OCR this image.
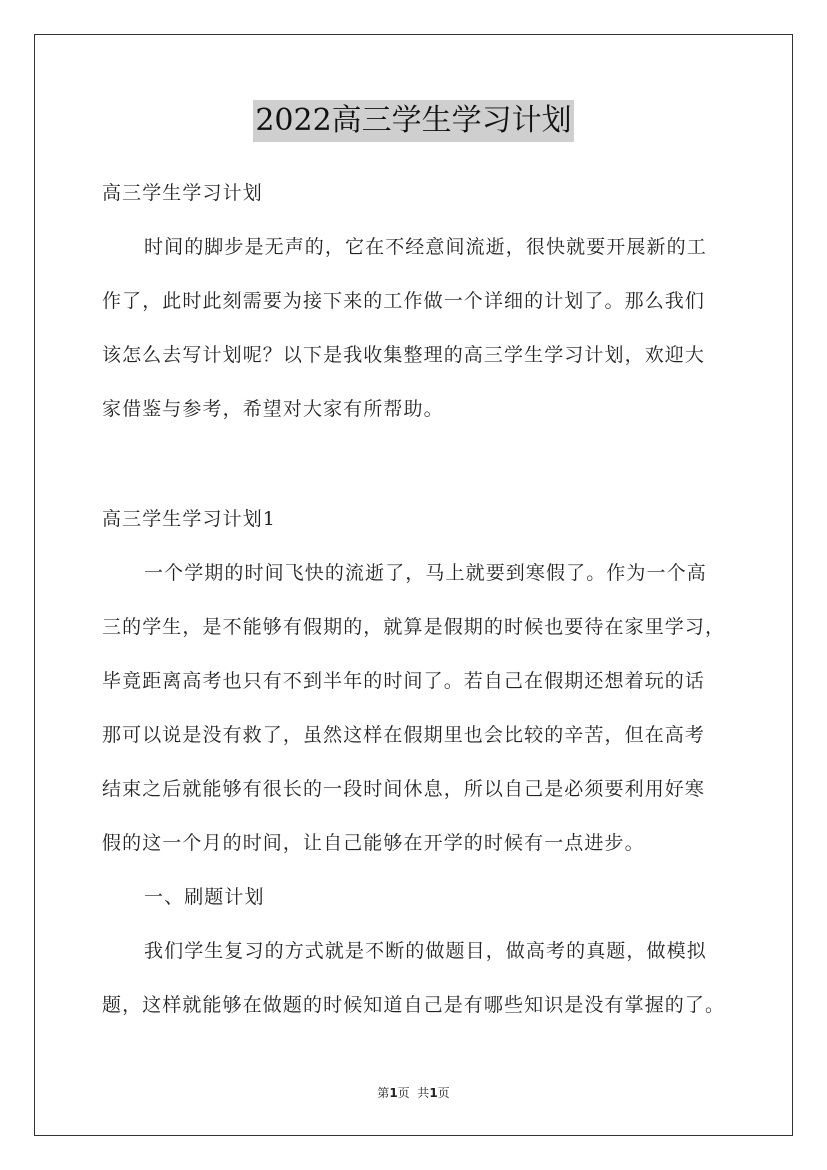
2022高三学生学习计划
高三学生学习计划
时间的脚步是无声的，它在不经意间流逝，很快就要开展新的工
作了，此时此刻需要为接下来的工作做一个详细的计划了。那么我们
该怎么去写计划呢？以下是我收集整理的高三学生学习计划，欢迎大
家借鉴与参考，希望对大家有所帮助。
高三学生学习计划1
一个学期的时间飞快的流逝了，马上就要到寒假了。作为一个高
三的学生，是不能够有假期的，就算是假期的时候也要待在家里学习，
毕竟距离高考也只有不到半年的时间了。若自己在假期还想着玩的话
那可以说是没有救了，虽然这样在假期里也会比较的辛苦，但在高考
结束之后就能够有很长的一段时间休息，所以自己是必须要利用好寒
假的这一个月的时间，让自己能够在开学的时候有一点进步。
一、刷题计划
我们学生复习的方式就是不断的做题目，做高考的真题，做模拟
题，这样就能够在做题的时候知道自己是有哪些知识是没有掌握的了。
第1页  共1页
